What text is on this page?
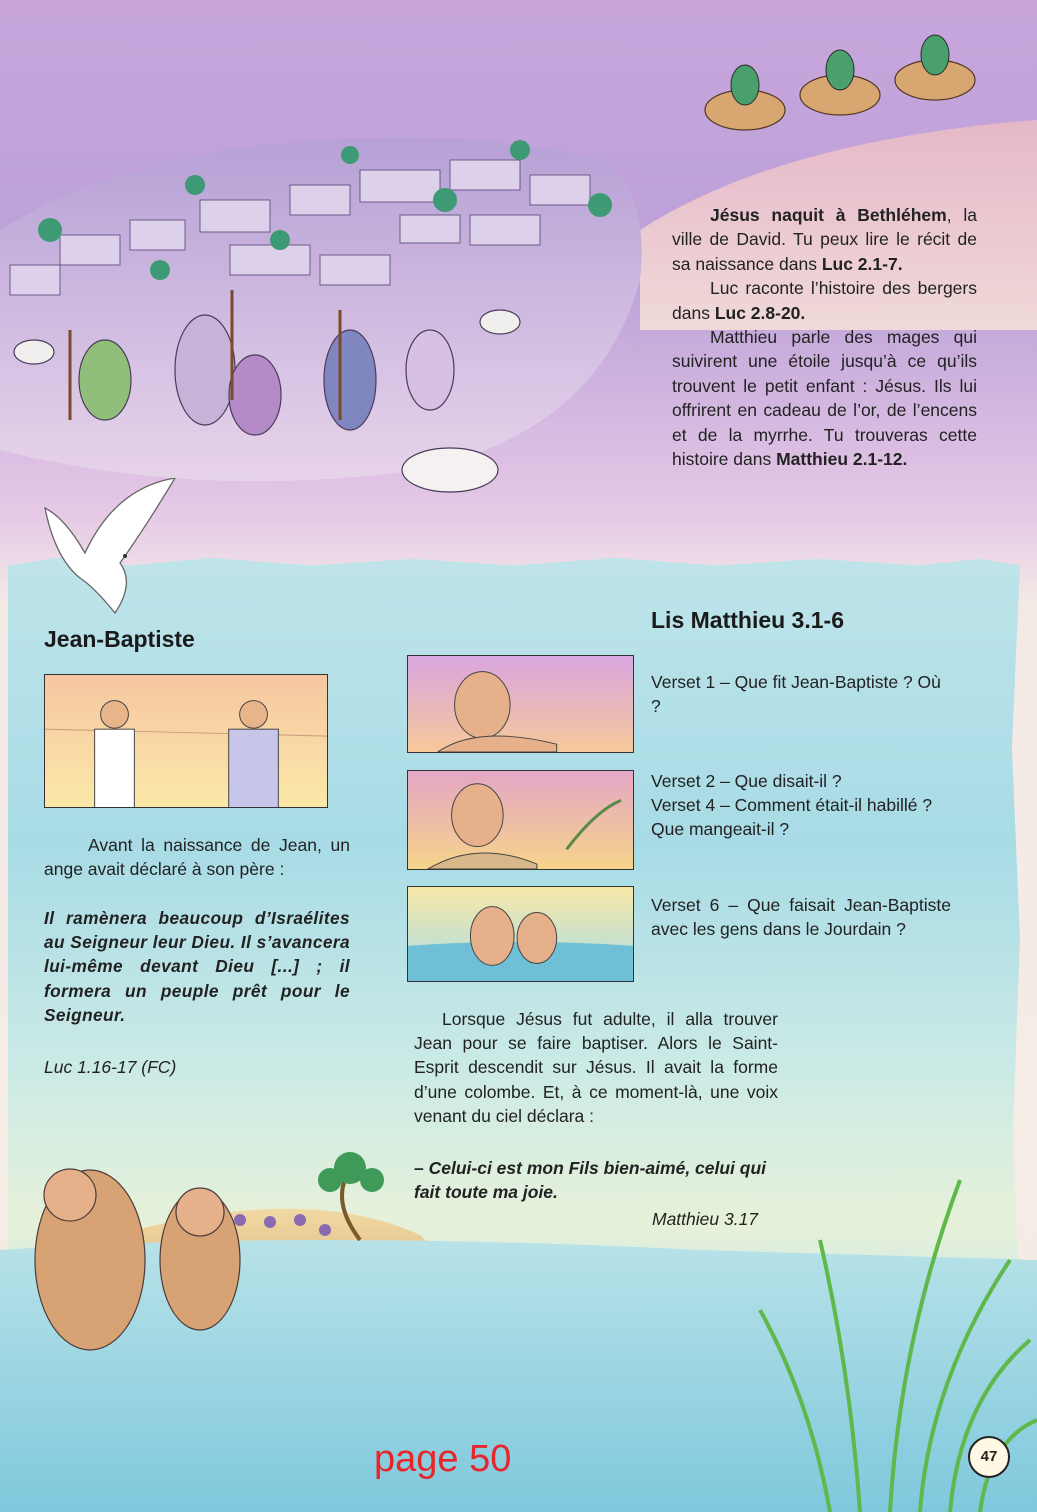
Jésus naquit à Bethléhem, la ville de David. Tu peux lire le récit de sa naissance dans Luc 2.1-7.

Luc raconte l’histoire des bergers dans Luc 2.8-20.

Matthieu parle des mages qui suivirent une étoile jusqu’à ce qu’ils trouvent le petit enfant : Jésus. Ils lui offrirent en cadeau de l’or, de l’encens et de la myrrhe. Tu trouveras cette histoire dans Matthieu 2.1-12.

Jean-Baptiste
Lis Matthieu 3.1-6
Verset 1 – Que fit Jean-Baptiste ? Où ?
Verset 2 – Que disait-il ?
Verset 4 – Comment était-il habillé ? Que mangeait-il ?
Verset 6 – Que faisait Jean-Baptiste avec les gens dans le Jourdain ?

Avant la naissance de Jean, un ange avait déclaré à son père :

Il ramènera beaucoup d’Israélites au Seigneur leur Dieu. Il s’avancera lui-même devant Dieu [...] ; il formera un peuple prêt pour le Seigneur.
Luc 1.16-17 (FC)

Lorsque Jésus fut adulte, il alla trouver Jean pour se faire baptiser. Alors le Saint-Esprit descendit sur Jésus. Il avait la forme d’une colombe. Et, à ce moment-là, une voix venant du ciel déclara :

– Celui-ci est mon Fils bien-aimé, celui qui fait toute ma joie.
Matthieu 3.17
page 50	47
